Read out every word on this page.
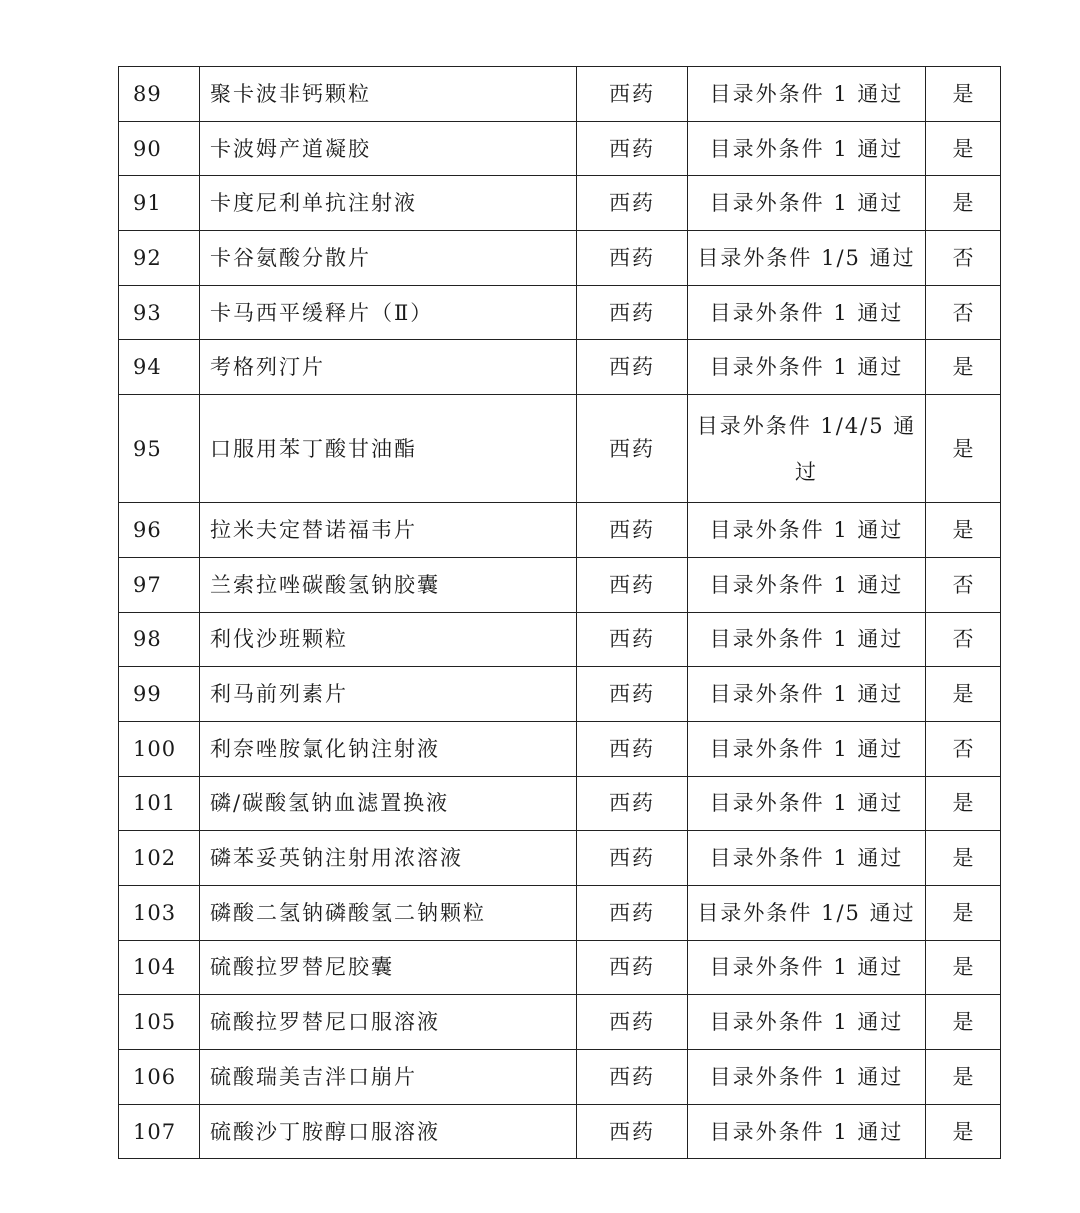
89	聚卡波非钙颗粒	西药	目录外条件 1 通过	是
90	卡波姆产道凝胶	西药	目录外条件 1 通过	是
91	卡度尼利单抗注射液	西药	目录外条件 1 通过	是
92	卡谷氨酸分散片	西药	目录外条件 1/5 通过	否
93	卡马西平缓释片（Ⅱ）	西药	目录外条件 1 通过	否
94	考格列汀片	西药	目录外条件 1 通过	是
95	口服用苯丁酸甘油酯	西药	目录外条件 1/4/5 通过	是
96	拉米夫定替诺福韦片	西药	目录外条件 1 通过	是
97	兰索拉唑碳酸氢钠胶囊	西药	目录外条件 1 通过	否
98	利伐沙班颗粒	西药	目录外条件 1 通过	否
99	利马前列素片	西药	目录外条件 1 通过	是
100	利奈唑胺氯化钠注射液	西药	目录外条件 1 通过	否
101	磷/碳酸氢钠血滤置换液	西药	目录外条件 1 通过	是
102	磷苯妥英钠注射用浓溶液	西药	目录外条件 1 通过	是
103	磷酸二氢钠磷酸氢二钠颗粒	西药	目录外条件 1/5 通过	是
104	硫酸拉罗替尼胶囊	西药	目录外条件 1 通过	是
105	硫酸拉罗替尼口服溶液	西药	目录外条件 1 通过	是
106	硫酸瑞美吉泮口崩片	西药	目录外条件 1 通过	是
107	硫酸沙丁胺醇口服溶液	西药	目录外条件 1 通过	是
